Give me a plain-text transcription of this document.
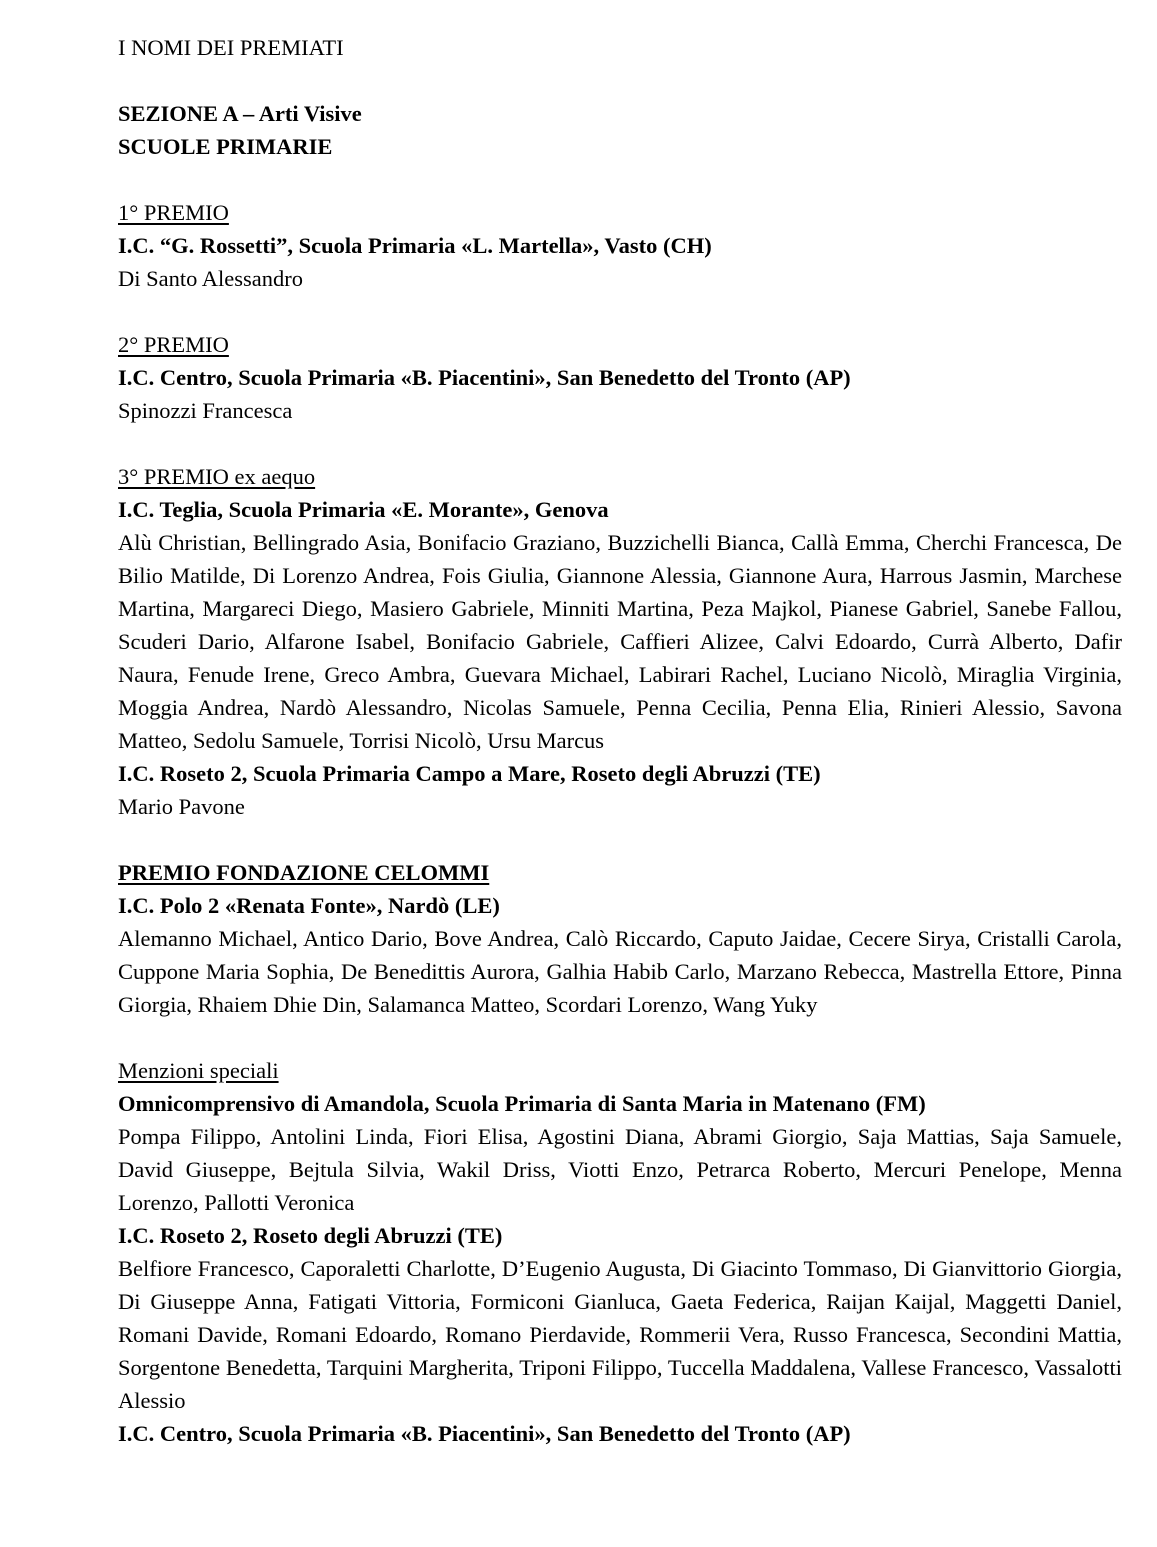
I NOMI DEI PREMIATI

SEZIONE A – Arti Visive

SCUOLE PRIMARIE

1° PREMIO

I.C. “G. Rossetti”, Scuola Primaria «L. Martella», Vasto (CH)

Di Santo Alessandro

2° PREMIO

I.C. Centro, Scuola Primaria «B. Piacentini», San Benedetto del Tronto (AP)

Spinozzi Francesca

3° PREMIO ex aequo

I.C. Teglia, Scuola Primaria «E. Morante», Genova

Alù Christian, Bellingrado Asia, Bonifacio Graziano, Buzzichelli Bianca, Callà Emma, Cherchi Francesca, De Bilio Matilde, Di Lorenzo Andrea, Fois Giulia, Giannone Alessia, Giannone Aura, Harrous Jasmin, Marchese Martina, Margareci Diego, Masiero Gabriele, Minniti Martina, Peza Majkol, Pianese Gabriel, Sanebe Fallou, Scuderi Dario, Alfarone Isabel, Bonifacio Gabriele, Caffieri Alizee, Calvi Edoardo, Currà Alberto, Dafir Naura, Fenude Irene, Greco Ambra, Guevara Michael, Labirari Rachel, Luciano Nicolò, Miraglia Virginia, Moggia Andrea, Nardò Alessandro, Nicolas Samuele, Penna Cecilia, Penna Elia, Rinieri Alessio, Savona Matteo, Sedolu Samuele, Torrisi Nicolò, Ursu Marcus

I.C. Roseto 2, Scuola Primaria Campo a Mare, Roseto degli Abruzzi (TE)

Mario Pavone

PREMIO FONDAZIONE CELOMMI

I.C. Polo 2 «Renata Fonte», Nardò (LE)

Alemanno Michael, Antico Dario, Bove Andrea, Calò Riccardo, Caputo Jaidae, Cecere Sirya, Cristalli Carola, Cuppone Maria Sophia, De Benedittis Aurora, Galhia Habib Carlo, Marzano Rebecca, Mastrella Ettore, Pinna Giorgia, Rhaiem Dhie Din, Salamanca Matteo, Scordari Lorenzo, Wang Yuky

Menzioni speciali

Omnicomprensivo di Amandola, Scuola Primaria di Santa Maria in Matenano (FM)

Pompa Filippo, Antolini Linda, Fiori Elisa, Agostini Diana, Abrami Giorgio, Saja Mattias, Saja Samuele, David Giuseppe, Bejtula Silvia, Wakil Driss, Viotti Enzo, Petrarca Roberto, Mercuri Penelope, Menna Lorenzo, Pallotti Veronica

I.C. Roseto 2, Roseto degli Abruzzi (TE)

Belfiore Francesco, Caporaletti Charlotte, D’Eugenio Augusta, Di Giacinto Tommaso, Di Gianvittorio Giorgia, Di Giuseppe Anna, Fatigati Vittoria, Formiconi Gianluca, Gaeta Federica, Raijan Kaijal, Maggetti Daniel, Romani Davide, Romani Edoardo, Romano Pierdavide, Rommerii Vera, Russo Francesca, Secondini Mattia, Sorgentone Benedetta, Tarquini Margherita, Triponi Filippo, Tuccella Maddalena, Vallese Francesco, Vassalotti Alessio

I.C. Centro, Scuola Primaria «B. Piacentini», San Benedetto del Tronto (AP)
